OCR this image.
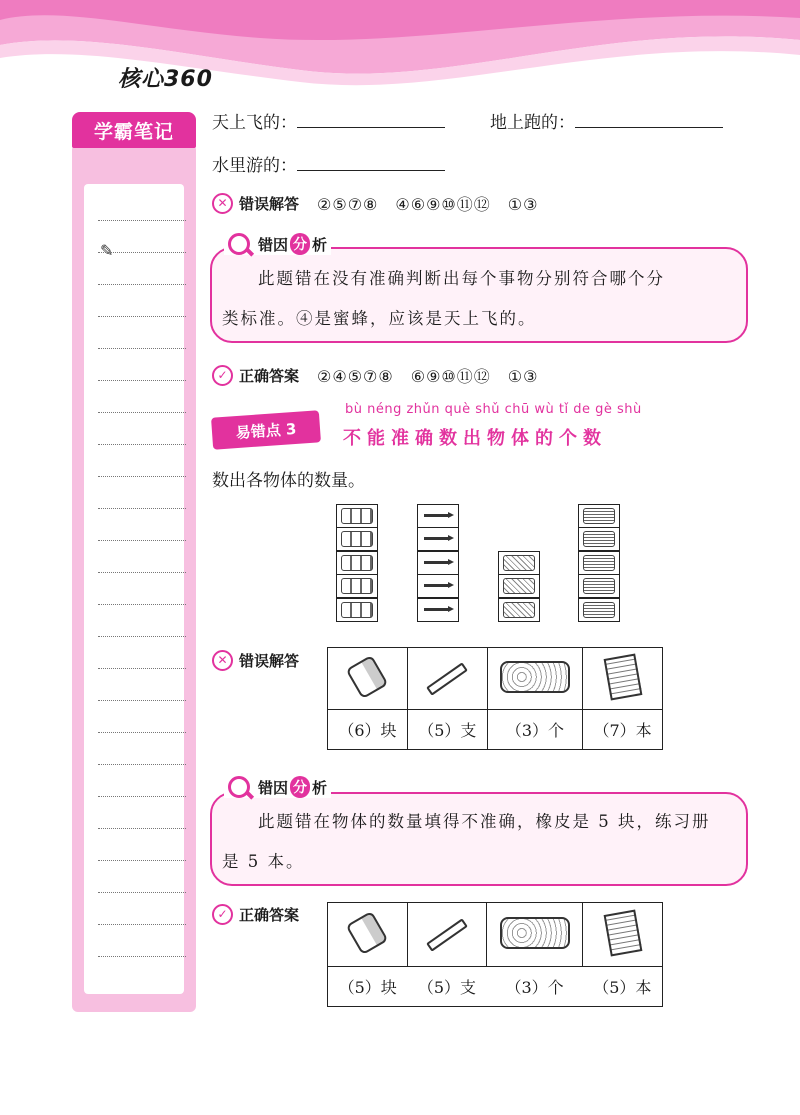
核心360
✎
学霸笔记 天上飞的：	地上跑的：
水里游的：
✕ 错误解答 ②⑤⑦⑧　④⑥⑨⑩⑪⑫　①③
错因 分 析
此题错在没有准确判断出每个事物分别符合哪个分
类标准。④是蜜蜂，应该是天上飞的。
✓ 正确答案 ②④⑤⑦⑧　⑥⑨⑩⑪⑫　①③
易错点 3
bù néng zhǔn què shǔ chū wù tǐ de gè shù
不能准确数出物体的个数
数出各物体的数量。
✕ 错误解答

（6）块	（5）支	（3）个	（7）本
错因 分 析
此题错在物体的数量填得不准确，橡皮是 5 块，练习册
是 5 本。
✓ 正确答案

（5）块	（5）支	（3）个	（5）本
